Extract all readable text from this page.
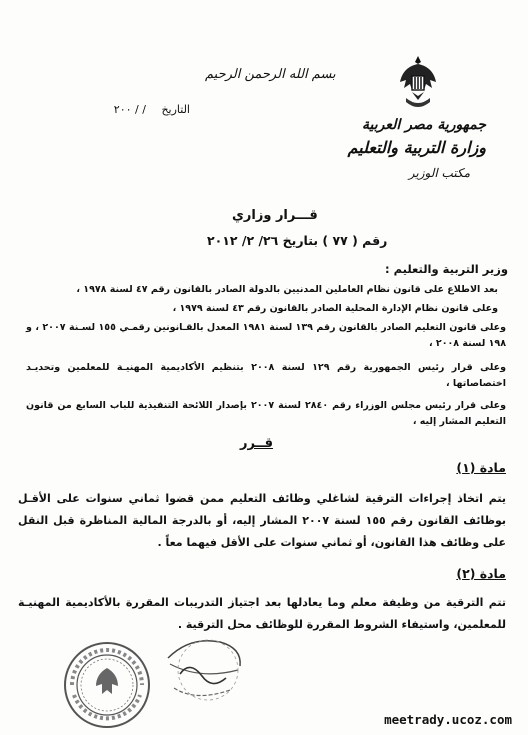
بسم الله الرحمن الرحيم
التاريخ / / ٢٠٠
جمهورية مصر العربية
وزارة التربية والتعليم
مكتب الوزير
قـــرار وزاري
رقم ( ٧٧ ) بتاريخ ٢٦/ ٢/ ٢٠١٢
وزير التربية والتعليم :
بعد الاطلاع على قانون نظام العاملين المدنيين بالدولة الصادر بالقانون رقم ٤٧ لسنة ١٩٧٨ ،
وعلى قانون نظام الإدارة المحلية الصادر بالقانون رقم ٤٣ لسنة ١٩٧٩ ،
وعلى قانون التعليم الصادر بالقانون رقم ١٣٩ لسنة ١٩٨١ المعدل بالقـانونين رقمـي ١٥٥ لسـنة ٢٠٠٧ ، و ١٩٨ لسنة ٢٠٠٨ ،
وعلى قرار رئيس الجمهورية رقم ١٢٩ لسنة ٢٠٠٨ بتنظيم الأكاديمية المهنيـة للمعلمين وتحديـد اختصاصاتها ،
وعلى قرار رئيس مجلس الوزراء رقم ٢٨٤٠ لسنة ٢٠٠٧ بإصدار اللائحة التنفيذية للباب السابع من قانون التعليم المشار إليه ،
قــرر
مادة (١)
يتم اتخاذ إجراءات الترقية لشاغلي وظائف التعليم ممن قضوا ثماني سنوات على الأقـل بوظائف القانون رقم ١٥٥ لسنة ٢٠٠٧ المشار إليه، أو بالدرجة المالية المناظرة قبل النقل على وظائف هذا القانون، أو ثماني سنوات على الأقل فيهما معاً .
مادة (٢)
تتم الترقية من وظيفة معلم وما يعادلها بعد اجتياز التدريبات المقررة بالأكاديمية المهنيـة للمعلمين، واستيفاء الشروط المقررة للوظائف محل الترقية .
meetrady.ucoz.com
